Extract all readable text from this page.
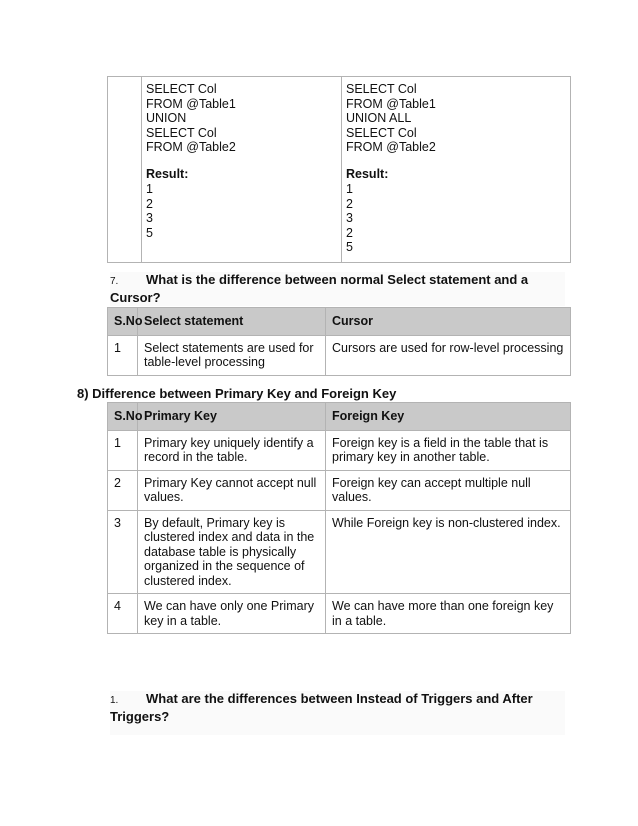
SELECT Col
FROM @Table1
UNION
SELECT Col
FROM @Table2
Result:
1
2
3
5

SELECT Col
FROM @Table1
UNION ALL
SELECT Col
FROM @Table2
Result:
1
2
3
2
5
7. What is the difference between normal Select statement and a
Cursor?
S.No	Select statement	Cursor
1	Select statements are used for table-level processing	Cursors are used for row-level processing
8) Difference between Primary Key and Foreign Key
S.No	Primary Key	Foreign Key
1	Primary key uniquely identify a record in the table.	Foreign key is a field in the table that is primary key in another table.
2	Primary Key cannot accept null values.	Foreign key can accept multiple null values.
3	By default, Primary key is clustered index and data in the database table is physically organized in the sequence of clustered index.	While Foreign key is non-clustered index.
4	We can have only one Primary key in a table.	We can have more than one foreign key in a table.
1. What are the differences between Instead of Triggers and After
Triggers?
